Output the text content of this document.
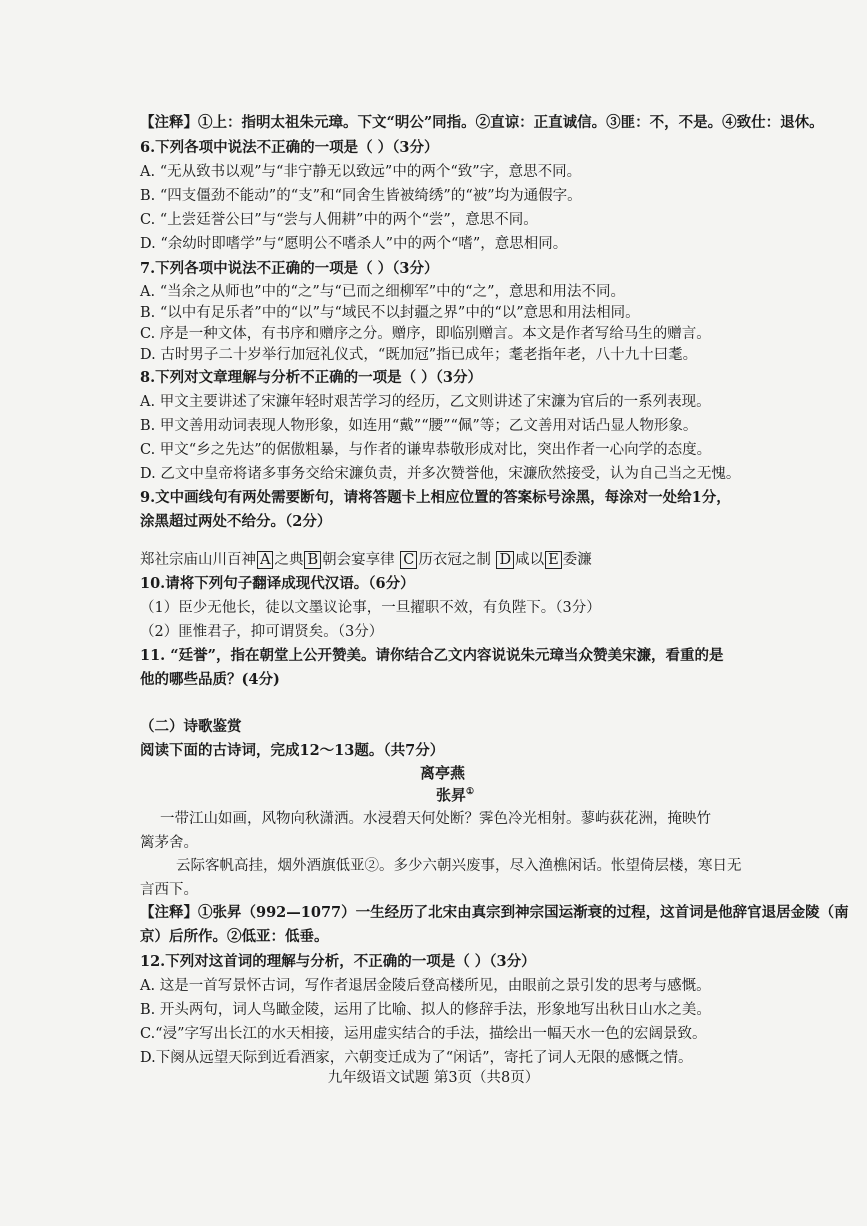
【注释】①上：指明太祖朱元璋。下文“明公”同指。②直谅：正直诚信。③匪：不，不是。④致仕：退休。
6.下列各项中说法不正确的一项是（ ）（3分）
A. “无从致书以观”与“非宁静无以致远”中的两个“致”字，意思不同。
B. “四支僵劲不能动”的“支”和“同舍生皆被绮绣”的“被”均为通假字。
C. “上尝廷誉公曰”与“尝与人佣耕”中的两个“尝”，意思不同。
D. “余幼时即嗜学”与“愿明公不嗜杀人”中的两个“嗜”，意思相同。
7.下列各项中说法不正确的一项是（ ）（3分）
A. “当余之从师也”中的“之”与“已而之细柳军”中的“之”，意思和用法不同。
B. “以中有足乐者”中的“以”与“域民不以封疆之界”中的“以”意思和用法相同。
C. 序是一种文体，有书序和赠序之分。赠序，即临别赠言。本文是作者写给马生的赠言。
D. 古时男子二十岁举行加冠礼仪式，“既加冠”指已成年；耄老指年老，八十九十曰耄。
8.下列对文章理解与分析不正确的一项是（ ）（3分）
A. 甲文主要讲述了宋濂年轻时艰苦学习的经历，乙文则讲述了宋濂为官后的一系列表现。
B. 甲文善用动词表现人物形象，如连用“戴”“腰”“佩”等；乙文善用对话凸显人物形象。
C. 甲文“乡之先达”的倨傲粗暴，与作者的谦卑恭敬形成对比，突出作者一心向学的态度。
D. 乙文中皇帝将诸多事务交给宋濂负责，并多次赞誉他，宋濂欣然接受，认为自己当之无愧。
9.文中画线句有两处需要断句，请将答题卡上相应位置的答案标号涂黑，每涂对一处给1分，
涂黑超过两处不给分。（2分）
郑社宗庙山川百神 A 之典 B 朝会宴享律 C 历衣冠之制 D 咸以 E 委濂
10.请将下列句子翻译成现代汉语。（6分）
（1）臣少无他长，徒以文墨议论事，一旦擢职不效，有负陛下。（3分）
（2）匪惟君子，抑可谓贤矣。（3分）
11. “廷誉”，指在朝堂上公开赞美。请你结合乙文内容说说朱元璋当众赞美宋濂，看重的是
他的哪些品质？(4分)
（二）诗歌鉴赏
阅读下面的古诗词，完成12～13题。（共7分）
离亭燕
张昇①
一带江山如画，风物向秋潇洒。水浸碧天何处断？霁色冷光相射。蓼屿荻花洲，掩映竹
篱茅舍。
云际客帆高挂，烟外酒旗低亚②。多少六朝兴废事，尽入渔樵闲话。怅望倚层楼，寒日无
言西下。
【注释】①张昇（992—1077）一生经历了北宋由真宗到神宗国运渐衰的过程，这首词是他辞官退居金陵（南
京）后所作。②低亚：低垂。
12.下列对这首词的理解与分析，不正确的一项是（ ）（3分）
A. 这是一首写景怀古词，写作者退居金陵后登高楼所见，由眼前之景引发的思考与感慨。
B. 开头两句，词人鸟瞰金陵，运用了比喻、拟人的修辞手法，形象地写出秋日山水之美。
C.“浸”字写出长江的水天相接，运用虚实结合的手法，描绘出一幅天水一色的宏阔景致。
D.下阕从远望天际到近看酒家，六朝变迁成为了“闲话”，寄托了词人无限的感慨之情。
九年级语文试题 第3页（共8页）
